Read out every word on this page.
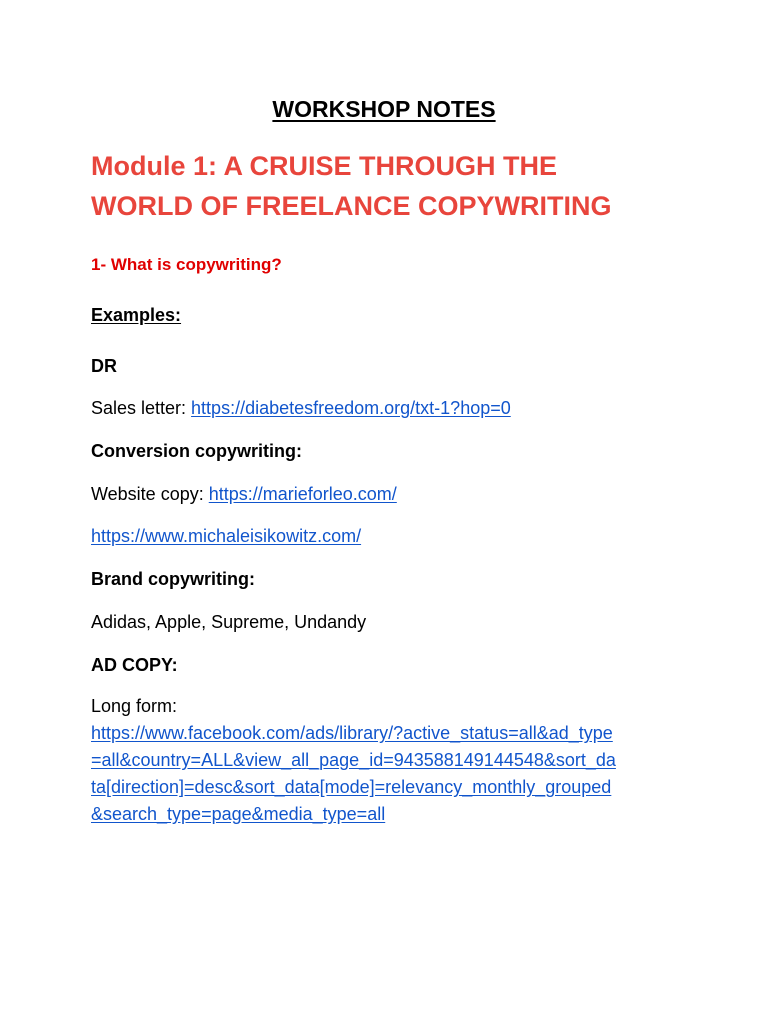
WORKSHOP NOTES
Module 1: A CRUISE THROUGH THE
WORLD OF FREELANCE COPYWRITING
1- What is copywriting?
Examples:
DR
Sales letter: https://diabetesfreedom.org/txt-1?hop=0
Conversion copywriting:
Website copy: https://marieforleo.com/
https://www.michaleisikowitz.com/
Brand copywriting:
Adidas, Apple, Supreme, Undandy
AD COPY:
Long form:
https://www.facebook.com/ads/library/?active_status=all&ad_type
=all&country=ALL&view_all_page_id=943588149144548&sort_da
ta[direction]=desc&sort_data[mode]=relevancy_monthly_grouped
&search_type=page&media_type=all
